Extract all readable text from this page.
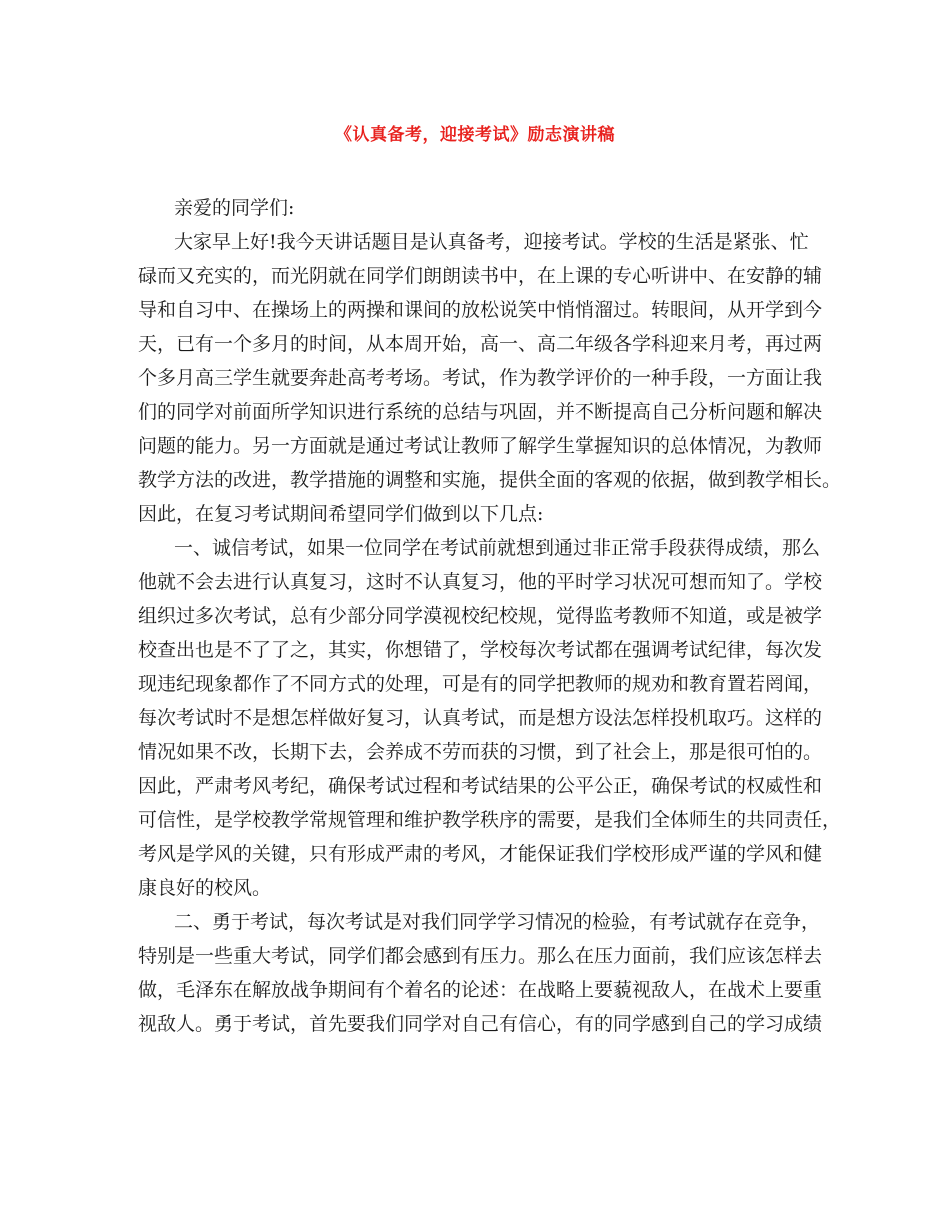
《认真备考，迎接考试》励志演讲稿
亲爱的同学们:
大家早上好!我今天讲话题目是认真备考，迎接考试。学校的生活是紧张、忙
碌而又充实的，而光阴就在同学们朗朗读书中，在上课的专心听讲中、在安静的辅
导和自习中、在操场上的两操和课间的放松说笑中悄悄溜过。转眼间，从开学到今
天，已有一个多月的时间，从本周开始，高一、高二年级各学科迎来月考，再过两
个多月高三学生就要奔赴高考考场。考试，作为教学评价的一种手段，一方面让我
们的同学对前面所学知识进行系统的总结与巩固，并不断提高自己分析问题和解决
问题的能力。另一方面就是通过考试让教师了解学生掌握知识的总体情况，为教师
教学方法的改进，教学措施的调整和实施，提供全面的客观的依据，做到教学相长。
因此，在复习考试期间希望同学们做到以下几点:
一、诚信考试，如果一位同学在考试前就想到通过非正常手段获得成绩，那么
他就不会去进行认真复习，这时不认真复习，他的平时学习状况可想而知了。学校
组织过多次考试，总有少部分同学漠视校纪校规，觉得监考教师不知道，或是被学
校查出也是不了了之，其实，你想错了，学校每次考试都在强调考试纪律，每次发
现违纪现象都作了不同方式的处理，可是有的同学把教师的规劝和教育置若罔闻，
每次考试时不是想怎样做好复习，认真考试，而是想方设法怎样投机取巧。这样的
情况如果不改，长期下去，会养成不劳而获的习惯，到了社会上，那是很可怕的。
因此，严肃考风考纪，确保考试过程和考试结果的公平公正，确保考试的权威性和
可信性，是学校教学常规管理和维护教学秩序的需要，是我们全体师生的共同责任，
考风是学风的关键，只有形成严肃的考风，才能保证我们学校形成严谨的学风和健
康良好的校风。
二、勇于考试，每次考试是对我们同学学习情况的检验，有考试就存在竞争，
特别是一些重大考试，同学们都会感到有压力。那么在压力面前，我们应该怎样去
做，毛泽东在解放战争期间有个着名的论述：在战略上要藐视敌人，在战术上要重
视敌人。勇于考试，首先要我们同学对自己有信心，有的同学感到自己的学习成绩
